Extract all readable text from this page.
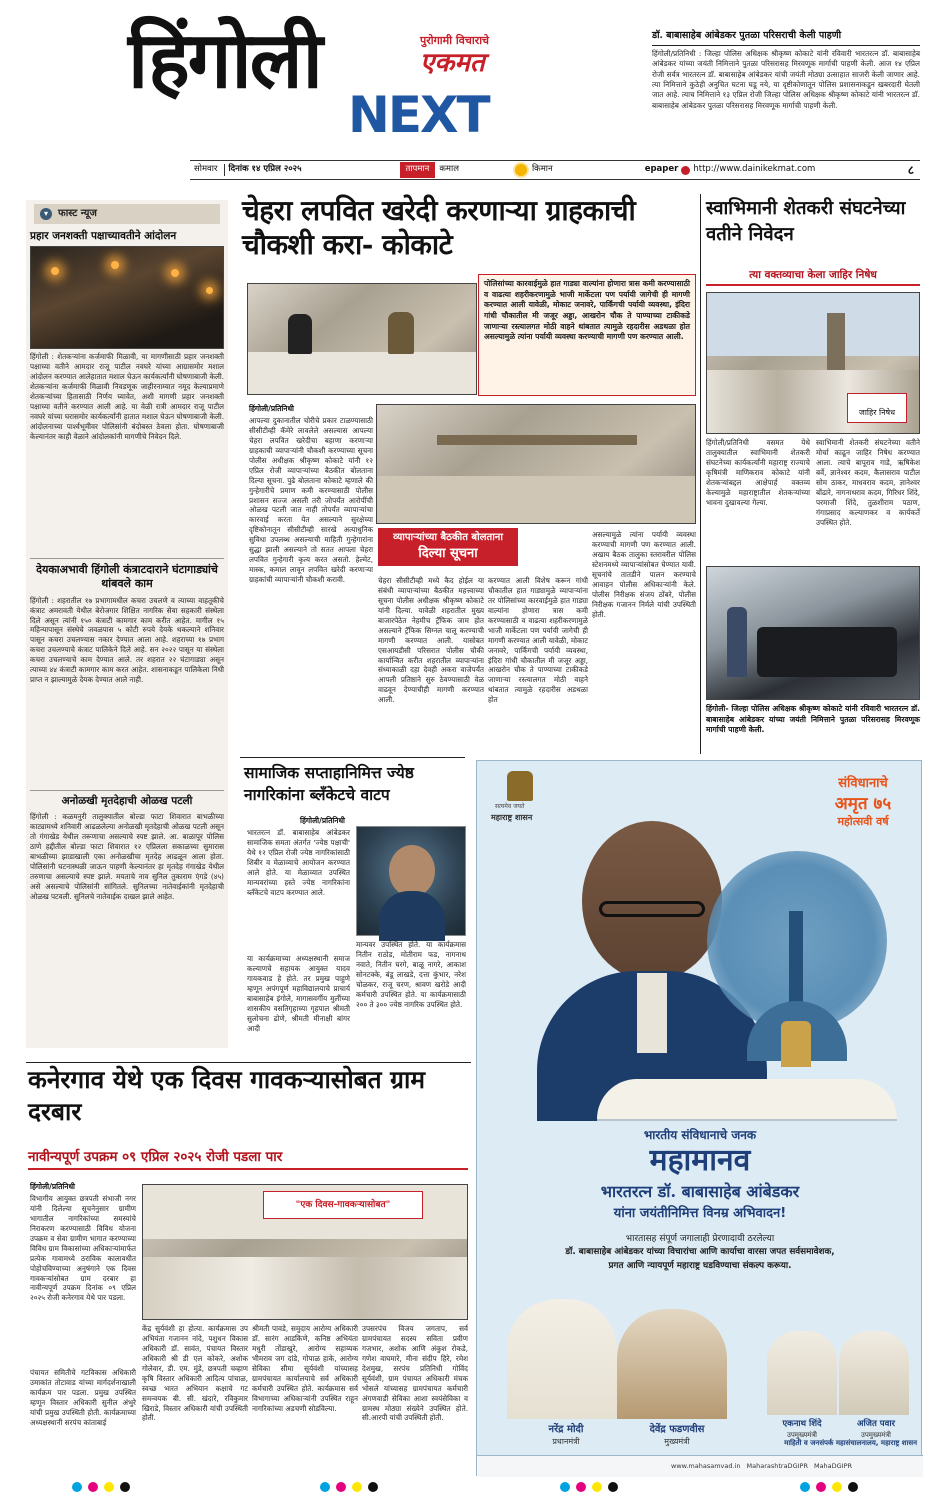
हिंगोली	पुरोगामी विचाराचे
एकमत
NEXT
डॉ. बाबासाहेब आंबेडकर पुतळा परिसराची केली पाहणी
हिंगोली/प्रतिनिधी : जिल्हा पोलिस अधिक्षक श्रीकृष्ण कोकाटे यांनी रविवारी भारतरत्न डॉ. बाबासाहेब आंबेडकर यांच्या जयंती निमित्ताने पुतळा परिसरासह मिरवणूक मार्गाची पाहणी केली. आज १४ एप्रिल रोजी सर्वत्र भारतरत्न डॉ. बाबासाहेब आंबेडकर यांची जयंती मोठ्या उत्साहात साजरी केली जाणार आहे. त्या निमित्ताने कुठेही अनुचित घटना घडू नये, या दृष्टीकोणातून पोलिस प्रशासनाकडून खबरदारी घेतली जात आहे. त्याच निमित्ताने १३ एप्रिल रोजी जिल्हा पोलिस अधिक्षक श्रीकृष्ण कोकाटे यांनी भारतरत्न डॉ. बाबासाहेब आंबेडकर पुतळा परिसरासह मिरवणूक मार्गाची पाहणी केली.
सोमवार	दिनांक १४ एप्रिल २०२५	तापमान	कमाल	किमान	epaper http://www.dainikekmat.com	८
▾	फास्ट न्यूज
प्रहार जनशक्ती पक्षाच्यावतीने आंदोलन
हिंगोली : शेतकऱ्यांना कर्जमाफी मिळावी, या मागणीसाठी प्रहार जनशक्ती पक्षाच्या वतीने आमदार राजू पाटील नवघरे यांच्या आग्रासमोर मशाल आंदोलन करण्यात आलेहातात मशाल घेऊन कार्यकर्त्यांनी घोषणाबाजी केली. शेतकऱ्यांना कर्जमाफी मिळावी निवडणूक जाहीरनाम्यात नमूद केल्याप्रमाणे शेतकऱ्यांच्या हितासाठी निर्णय घ्यावेत, अशी मागणी प्रहार जनशक्ती पक्षाच्या वतीने करण्यात आली आहे. या वेळी रात्री आमदार राजू पाटील नवघरे यांच्या घरासमोर कार्यकर्त्यांनी हातात मशाल घेऊन घोषणाबाजी केली. आंदोलनाच्या पार्श्वभूमीवर पोलिसांनी बंदोबस्त ठेवला होता. घोषणाबाजी केल्यानंतर काही वेळाने आंदोलकांनी मागणीचे निवेदन दिले.
देयकाअभावी हिंगोली कंत्राटदाराने घंटागाड्यांचे थांबवले काम
हिंगोली : शहरातील १७ प्रभागामधील कचरा उचलणे व त्याच्या वाहतूकीचे कंत्राट अमरावती येथील बेरोजगार शिक्षित नागरिक सेवा सहकारी संस्थेला दिले असून त्यांनी १५० कंत्राटी कामगार काम करीत आहेत. मागील १५ महिन्यापासून संस्थेचे जवळपास ५ कोटी रुपये देयके थकल्याने शनिवार पासून कचरा उचलण्यास नकार देण्यात आला आहे. शहराच्या १७ प्रभाग कचरा उचलण्याचे कंत्राट पालिकेने दिले आहे. सन २०२२ पासून या संस्थेला कचरा उचलण्याचे काम देण्यात आले. तर शहरात २२ घंटागाड्या असून त्याच्या ४४ कंत्राटी कामगार काम करत आहेत. शासनाकडून पालिकेला निधी प्राप्त न झाल्यामुळे देयक देण्यात आले नाही.
अनोळखी मृतदेहाची ओळख पटली
हिंगोली : कळमनुरी तालुक्यातील बोल्डा फाटा शिवारात बाभळीच्या काट्यामध्ये शनिवारी आढळलेल्या अनोळखी मृतदेहाची ओळख पटली असून तो गंगाखेड येथील तरूणाचा असल्याचे स्पष्ट झाले. आ. बाळापूर पोलिस ठाणे हद्दीतील बोल्डा फाटा शिवारात १२ एप्रिलला सकाळच्या सुमारास बाभळीच्या झाडाखाली एका अनोळखीचा मृतदेह आढळून आला होता. पोलिसांनी घटनास्थळी जाऊन पाहणी केल्यानंतर हा मृतदेह गंगाखेड येथील तरुणाचा असल्याचे स्पष्ट झाले. मयताचे नाव सुनिल तुकाराम एंगडे (४५) असे असल्याचे पोलिसांनी सांगितले. सुनिलच्या नातेवाईकांनी मृतदेहाची ओळख पटवली. सुनिलचे नातेवाईक दाखल झाले आहेत.
चेहरा लपवित खरेदी करणाऱ्या ग्राहकाची चौकशी करा- कोकाटे
पोलिसांच्या कारवाईमुळे हात गाड्या वाल्यांना होणारा त्रास कमी करण्यासाठी व वाढत्या शहरीकरणामुळे भाजी मार्केटला पण पर्यायी जागेची ही मागणी करण्यात आली यावेळी, मोकाट जनावरे, पार्किंगची पर्यायी व्यवस्था, इंदिरा गांधी चौकातील मी जजूर अड्डा, आखरोन चौक ते पाण्याच्या टाकीकडे जाणाऱ्या रस्त्यालगत मोठी वाहने थांबतात त्यामुळे रहदारीस अडथळा होत असल्यामुळे त्यांना पर्यायी व्यवस्था करण्याची मागणी पण करण्यात आली.
हिंगोली/प्रतिनिधी
आपल्या दुकानातील चोरीचे प्रकार टाळण्यासाठी सीसीटीव्ही कॅमेरे लावलेले असल्यास आपल्या चेहरा लपवित खरेदीचा बहाणा करणाऱ्या ग्राहकाची व्यापाऱ्यांनी चौकशी करण्याच्या सूचना पोलीस अधीक्षक श्रीकृष्ण कोकाटे यांनी १२ एप्रिल रोजी व्यापाऱ्यांच्या बैठकीत बोलताना दिल्या सूचना. पुढे बोलताना कोकाटे म्हणाले की गुन्हेगारीचे प्रमाण कमी करण्यासाठी पोलीस प्रशासन सज्ज असली तरी जोपर्यंत आरोपींची ओळख पटली जात नाही तोपर्यंत व्यापाऱ्यांचा कारवाई करता येत असल्याने सुरक्षेच्या दृष्टिकोनातून सीसीटीव्ही सारखे अत्याधुनिक सुविधा उपलब्ध असल्याची माहिती गुन्हेगारांना सुद्धा झाली असल्याने तो सतत आपला चेहरा लपवित गुन्हेगारी कृत्य करत असतो. हेल्मेट, मास्क, कमाल लावून लपवित खरेदी करणाऱ्या ग्राहकांची व्यापाऱ्यांनी चौकशी करावी.
व्यापाऱ्यांच्या बैठकीत बोलताना
दिल्या सूचना
चेहरा सीसीटीव्ही मध्ये कैद होईल या संबंधी व्यापाऱ्यांच्या बैठकीत महत्त्वाच्या सूचना पोलीस अधीक्षक श्रीकृष्ण कोकाटे यांनी दिल्या. यावेळी शहरातील मुख्य बाजारपेठेत नेहमीच ट्रॅफिक जाम होत असल्याने ट्रॅफिक सिग्नल चालू करण्याची मागणी करण्यात आली. यासोबत एसआयडीसी परिसरात पोलीस चौकी कार्यान्वित करीत शहरातील व्यापाऱ्यांना संध्याकाळी दहा देवही अकरा वाजेपर्यंत आपली प्रतिष्ठाने सुरु ठेवण्यासाठी वेळ वाढवून देण्याचीही मागणी करण्यात आली.
करण्यात आली विशेष करून गांधी चौकातील हात गाड्यामुळे व्यापाऱ्यांना तर पोलिसांच्या कारवाईमुळे हात गाड्या वाल्यांना होणारा त्रास कमी करण्यासाठी व वाढत्या शहरीकरणामुळे भाजी मार्केटला पण पर्यायी जागेची ही मागणी करण्यात आली यावेळी, मोकाट जनावरे, पार्किंगची पर्यायी व्यवस्था, इंदिरा गांधी चौकातील मी जजूर अड्डा, आखरोन चौक ते पाण्याच्या टाकीकडे जाणाऱ्या रस्त्यालगत मोठी वाहने थांबतात त्यामुळे रहदारीस अडथळा होत
असल्यामुळे त्यांना पर्यायी व्यवस्था करण्याची मागणी पण करण्यात आली. अखाय बैठक तालुका स्तरावरील पोलिस स्टेशनमध्ये व्यापाऱ्यांसोबत घेण्यात यावी. सूचनांचे तातडीने पालन करण्याचे आवाहन पोलीस अधिकाऱ्यांनी केले. पोलीस निरीक्षक संजय ठोंबरे, पोलीस निरीक्षक गजानन निर्मले यांची उपस्थिती होती.
स्वाभिमानी शेतकरी संघटनेच्या वतीने निवेदन
त्या वक्तव्याचा केला जाहिर निषेध
जाहिर निषेध
हिंगोली/प्रतिनिधी वसमत येथे तालुक्यातील स्वाभिमानी शेतकरी संघटनेच्या कार्यकर्त्यांनी महाराष्ट्र राज्याचे कृषिमंत्री माणिकराव कोकाटे यांनी शेतकऱ्यांबद्दल आक्षेपार्ह वक्तव्य केल्यामुळे महाराष्ट्रातील शेतकऱ्यांच्या भावना दुखावल्या गेल्या.
स्वाभिमानी शेतकरी संघटनेच्या वतीने मोर्चा काढून जाहिर निषेध करण्यात आला. त्याचे बापूराव गाडे, ऋषिकेश बर्वे, ज्ञानेश्वर कदम, कैलासराव पाटील सोम ठाकर, माधवराव कदम, ज्ञानेश्वर बोंढारे, नागनाथराव कदम, गिरिधर शिंदे, परमाजी शिंदे, तुळशीराम पठाण, गंगाप्रसाद कल्याणकर व कार्यकर्ते उपस्थित होते.
हिंगोली- जिल्हा पोलिस अधिक्षक श्रीकृष्ण कोकाटे यांनी रविवारी भारतरत्न डॉ. बाबासाहेब आंबेडकर यांच्या जयंती निमित्ताने पुतळा परिसरासह मिरवणूक मार्गाची पाहणी केली.
सामाजिक सप्ताहानिमित्त ज्येष्ठ नागरिकांना ब्लँकेटचे वाटप
हिंगोली/प्रतिनिधी
भारतरत्न डॉ. बाबासाहेब आंबेडकर सामाजिक समता अंतर्गत 'ज्येष्ठ पक्षाची' येथे १२ एप्रिल रोजी ज्येष्ठ नागरिकांसाठी शिबीर व मेळाव्याचे आयोजन करण्यात आले होते. या मेळाव्यात उपस्थित मान्यवरांच्या हस्ते ज्येष्ठ नागरिकांना ब्लँकेटचे वाटप करण्यात आले.
या कार्यक्रमाच्या अध्यक्षस्थानी समाज कल्याणचे सहायक आयुक्त यादव गायकवाड हे होते. तर प्रमुख पाहुणे म्हणून अपंगपूर्ण महाविद्यालयाचे प्राचार्य बाबासाहेब इंगोले, मागासवर्गीय मुलींच्या शासकीय वसतिगृहाच्या गृहपाल श्रीमती सुलोचना ढोणे, श्रीमती मीनाक्षी बांगर आदी
मान्यवर उपस्थित होते. या कार्यक्रमास नितीन राठोड, मोतीराम फड, नागनाथ नवाते, नितीन घरगे, बाळू नागरे, आकाश सोनटक्के, बंडू लाखडे, दत्ता कुंभार, नरेश चोळकर, राजू चरण, श्रावण खरोडे आदी कर्मचारी उपस्थित होते. या कार्यक्रमासाठी २०० ते ३०० ज्येष्ठ नागरिक उपस्थित होते.
सत्यमेव जयते
महाराष्ट्र शासन
संविधानाचे
अमृत ७५
महोत्सवी वर्ष
भारतीय संविधानाचे जनक
महामानव
भारतरत्न डॉ. बाबासाहेब आंबेडकर
यांना जयंतीनिमित्त विनम्र अभिवादन!
भारतासह संपूर्ण जगालाही प्रेरणादायी ठरलेल्या
डॉ. बाबासाहेब आंबेडकर यांच्या विचारांचा आणि कार्याचा वारसा जपत सर्वसमावेशक,
प्रगत आणि न्यायपूर्ण महाराष्ट्र घडविण्याचा संकल्प करूया.
नरेंद्र मोदी
प्रधानमंत्री
देवेंद्र फडणवीस
मुख्यमंत्री
एकनाथ शिंदे
उपमुख्यमंत्री
अजित पवार
उपमुख्यमंत्री
www.mahasamvad.in MaharashtraDGIPR MahaDGIPR
माहिती व जनसंपर्क महासंचालनालय, महाराष्ट्र शासन
कनेरगाव येथे एक दिवस गावकऱ्यासोबत ग्राम दरबार
नावीन्यपूर्ण उपक्रम ०९ एप्रिल २०२५ रोजी पडला पार
हिंगोली/प्रतिनिधी
विभागीय आयुक्त छत्रपती संभाजी नगर यांनी दिलेल्या सूचनेनुसार ग्रामीण भागातील नागरिकांच्या समस्यांचे निराकरण करण्यासाठी विविध योजना उपक्रम व सेवा ग्रामीण भागात करण्याच्या विविध ग्राम विकासांच्या अधिकाऱ्यांमार्फत प्रत्येक गावामध्ये ठराविक कालावधीत पोहोचविण्याच्या अनुषंगाने एक दिवस गावकऱ्यांसोबत ग्राम दरबार हा नावीन्यपूर्ण उपक्रम दिनांक ०९ एप्रिल २०२५ रोजी कनेरगाव येथे पार पडला.
पंचायत समितीचे गटविकास अधिकारी उमाकांत तोटावाड यांच्या मार्गदर्शनाखाली कार्यक्रम पार पडला. प्रमुख उपस्थित म्हणून विस्तार अधिकारी सुनील अंभुरे यांची प्रमुख उपस्थिती होती. कार्यक्रमाच्या अध्यक्षस्थानी सरपंच कांताबाई
"एक दिवस-गावकऱ्यासोबत"
केंद्र सुर्यवंशी हा होत्या. कार्यक्रमास उप अभियंता गजानन नांदे, पशुधन विकास अधिकारी डॉ. सावंत, पंचायत विस्तार अधिकारी श्री डी एल कोकरे, अशोक गोलेवार, डी. एम. मुंडे, छत्रपती चव्हाण कृषि विस्तार अधिकारी आदित्य पांचाळ, स्वच्छ भारत अभियान कक्षाचे गट समन्वयक बी. सी. खंदारे, रविकुमार खिराडे, विस्तार अधिकारी यांची उपस्थिती होती.
श्रीमती पावडे, समुदाय आरोग्य अधिकारी डॉ. सारंग आडकिणे, कनिष्ठ अभियंता मधुरी तोंडाखुरे, आरोग्य सहाय्यक भीमराव जग दांडे, गोपाळ हाके, आरोग्य सेविका सीमा सूर्यवंशी यांच्यासह ग्रामपंचायत कार्यालयाचे सर्व अधिकारी कर्मचारी उपस्थित होते. कार्यक्रमास सर्व विभागाच्या अधिकाऱ्यांनी उपस्थित राहून नागरिकांच्या अडचणी सोडविल्या.
उपसरपंच विजय जगताप, सर्व ग्रामपंचायत सदस्य सविता प्रवीण गजभार, अशोक आणि अंकुश रोकडे, गणेश वाघमारे, मीना संदीप हिरे, रमेश देशमुख, सरपंच प्रतिनिधी गोविंद सूर्यवंशी, ग्राम पंचायत अधिकारी मंचक भोसले यांच्यासह ग्रामपंचायत कर्मचारी अंगणवाडी सेविका आशा स्वयंसेविका व ग्रामस्थ मोठ्या संख्येने उपस्थित होते. सी.आरपी यांची उपस्थिती होती.
